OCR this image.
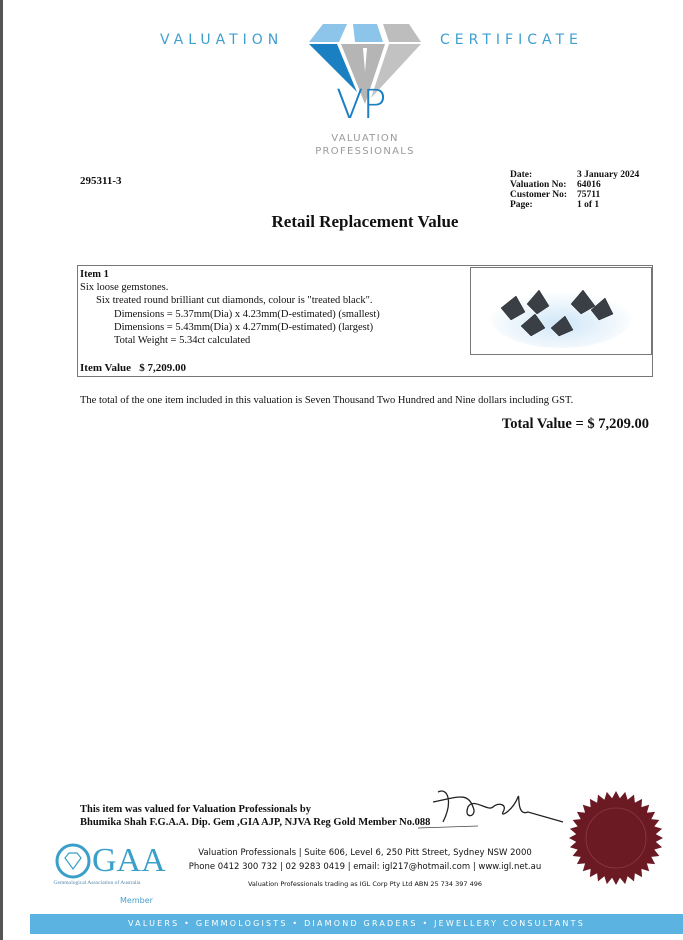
VALUATION	CERTIFICATE
VP
VALUATION
PROFESSIONALS
295311-3	Date:	3 January 2024
Valuation No:	64016
Customer No:	75711
Page:	1 of 1
Retail Replacement Value
Item 1
Six loose gemstones.
Six treated round brilliant cut diamonds, colour is "treated black".
Dimensions = 5.37mm(Dia) x 4.23mm(D-estimated) (smallest)
Dimensions = 5.43mm(Dia) x 4.27mm(D-estimated) (largest)
Total Weight = 5.34ct calculated
Item Value $ 7,209.00
The total of the one item included in this valuation is Seven Thousand Two Hundred and Nine dollars including GST.
Total Value = $ 7,209.00
This item was valued for Valuation Professionals by
Bhumika Shah F.G.A.A. Dip. Gem ,GIA AJP, NJVA Reg Gold Member No.088
GAA
Gemmological Association of Australia
Member
Valuation Professionals | Suite 606, Level 6, 250 Pitt Street, Sydney NSW 2000
Phone 0412 300 732 | 02 9283 0419 | email: igl217@hotmail.com | www.igl.net.au
Valuation Professionals trading as IGL Corp Pty Ltd ABN 25 734 397 496
VALUERS • GEMMOLOGISTS • DIAMOND GRADERS • JEWELLERY CONSULTANTS
